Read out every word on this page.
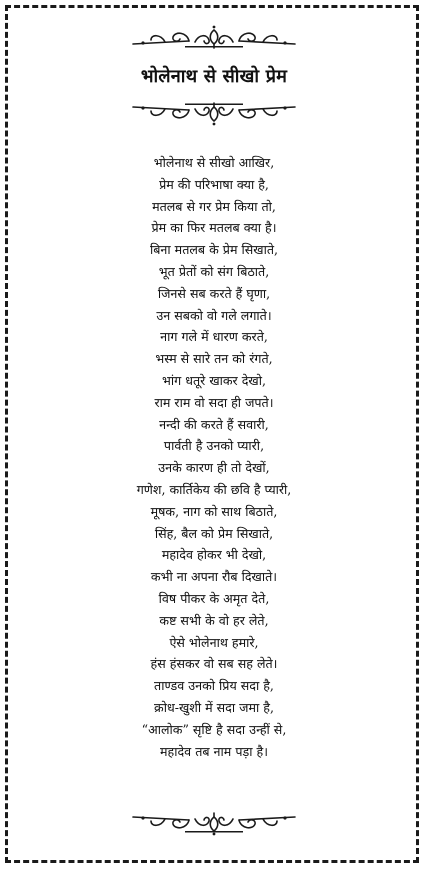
भोलेनाथ से सीखो प्रेम
भोलेनाथ से सीखो आखिर,
प्रेम की परिभाषा क्या है,
मतलब से गर प्रेम किया तो,
प्रेम का फिर मतलब क्या है।
बिना मतलब के प्रेम सिखाते,
भूत प्रेतों को संग बिठाते,
जिनसे सब करते हैं घृणा,
उन सबको वो गले लगाते।
नाग गले में धारण करते,
भस्म से सारे तन को रंगते,
भांग धतूरे खाकर देखो,
राम राम वो सदा ही जपते।
नन्दी की करते हैं सवारी,
पार्वती है उनको प्यारी,
उनके कारण ही तो देखों,
गणेश, कार्तिकेय की छवि है प्यारी,
मूषक, नाग को साथ बिठाते,
सिंह, बैल को प्रेम सिखाते,
महादेव होकर भी देखो,
कभी ना अपना रौब दिखाते।
विष पीकर के अमृत देते,
कष्ट सभी के वो हर लेते,
ऐसे भोलेनाथ हमारे,
हंस हंसकर वो सब सह लेते।
ताण्डव उनको प्रिय सदा है,
क्रोध-खुशी में सदा जमा है,
“आलोक” सृष्टि है सदा उन्हीं से,
महादेव तब नाम पड़ा है।
